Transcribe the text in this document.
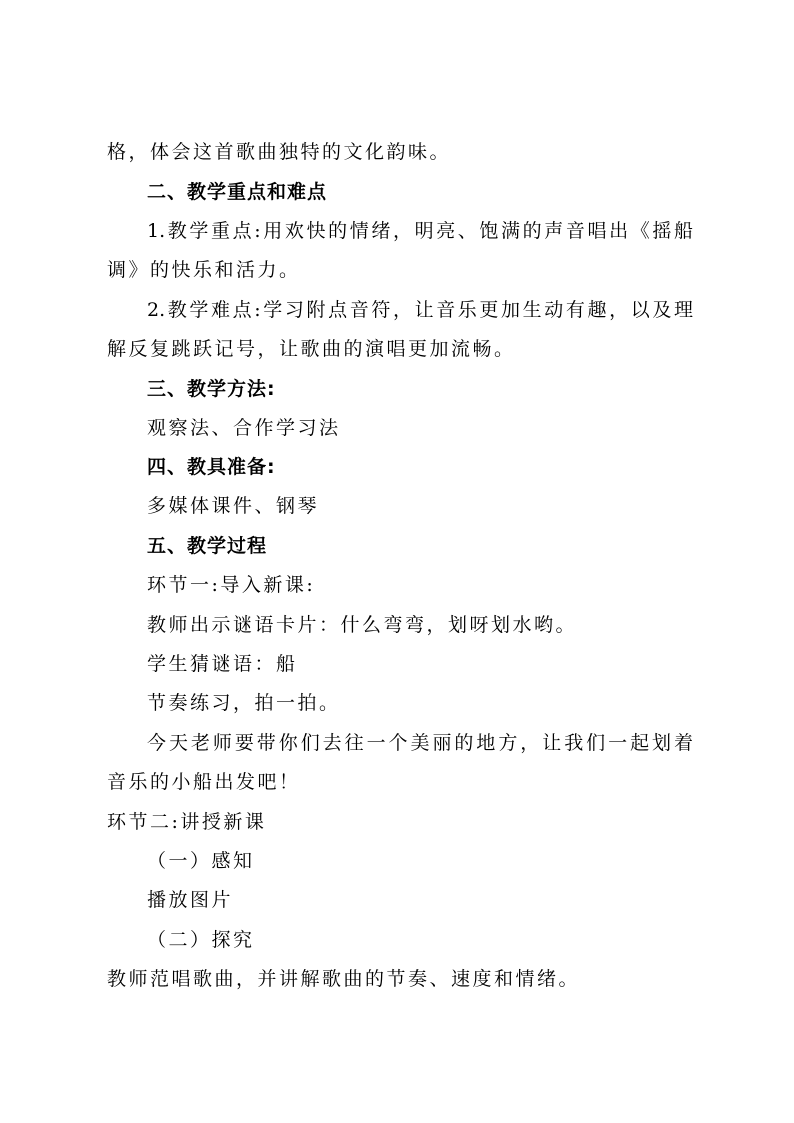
格，体会这首歌曲独特的文化韵味。
二、教学重点和难点
1.教学重点:用欢快的情绪，明亮、饱满的声音唱出《摇船
调》的快乐和活力。
2.教学难点:学习附点音符，让音乐更加生动有趣，以及理
解反复跳跃记号，让歌曲的演唱更加流畅。
三、教学方法:
观察法、合作学习法
四、教具准备:
多媒体课件、钢琴
五、教学过程
环节一:导入新课:
教师出示谜语卡片：什么弯弯，划呀划水哟。
学生猜谜语：船
节奏练习，拍一拍。
今天老师要带你们去往一个美丽的地方，让我们一起划着
音乐的小船出发吧！
环节二:讲授新课
（一）感知
播放图片
（二）探究
教师范唱歌曲，并讲解歌曲的节奏、速度和情绪。
